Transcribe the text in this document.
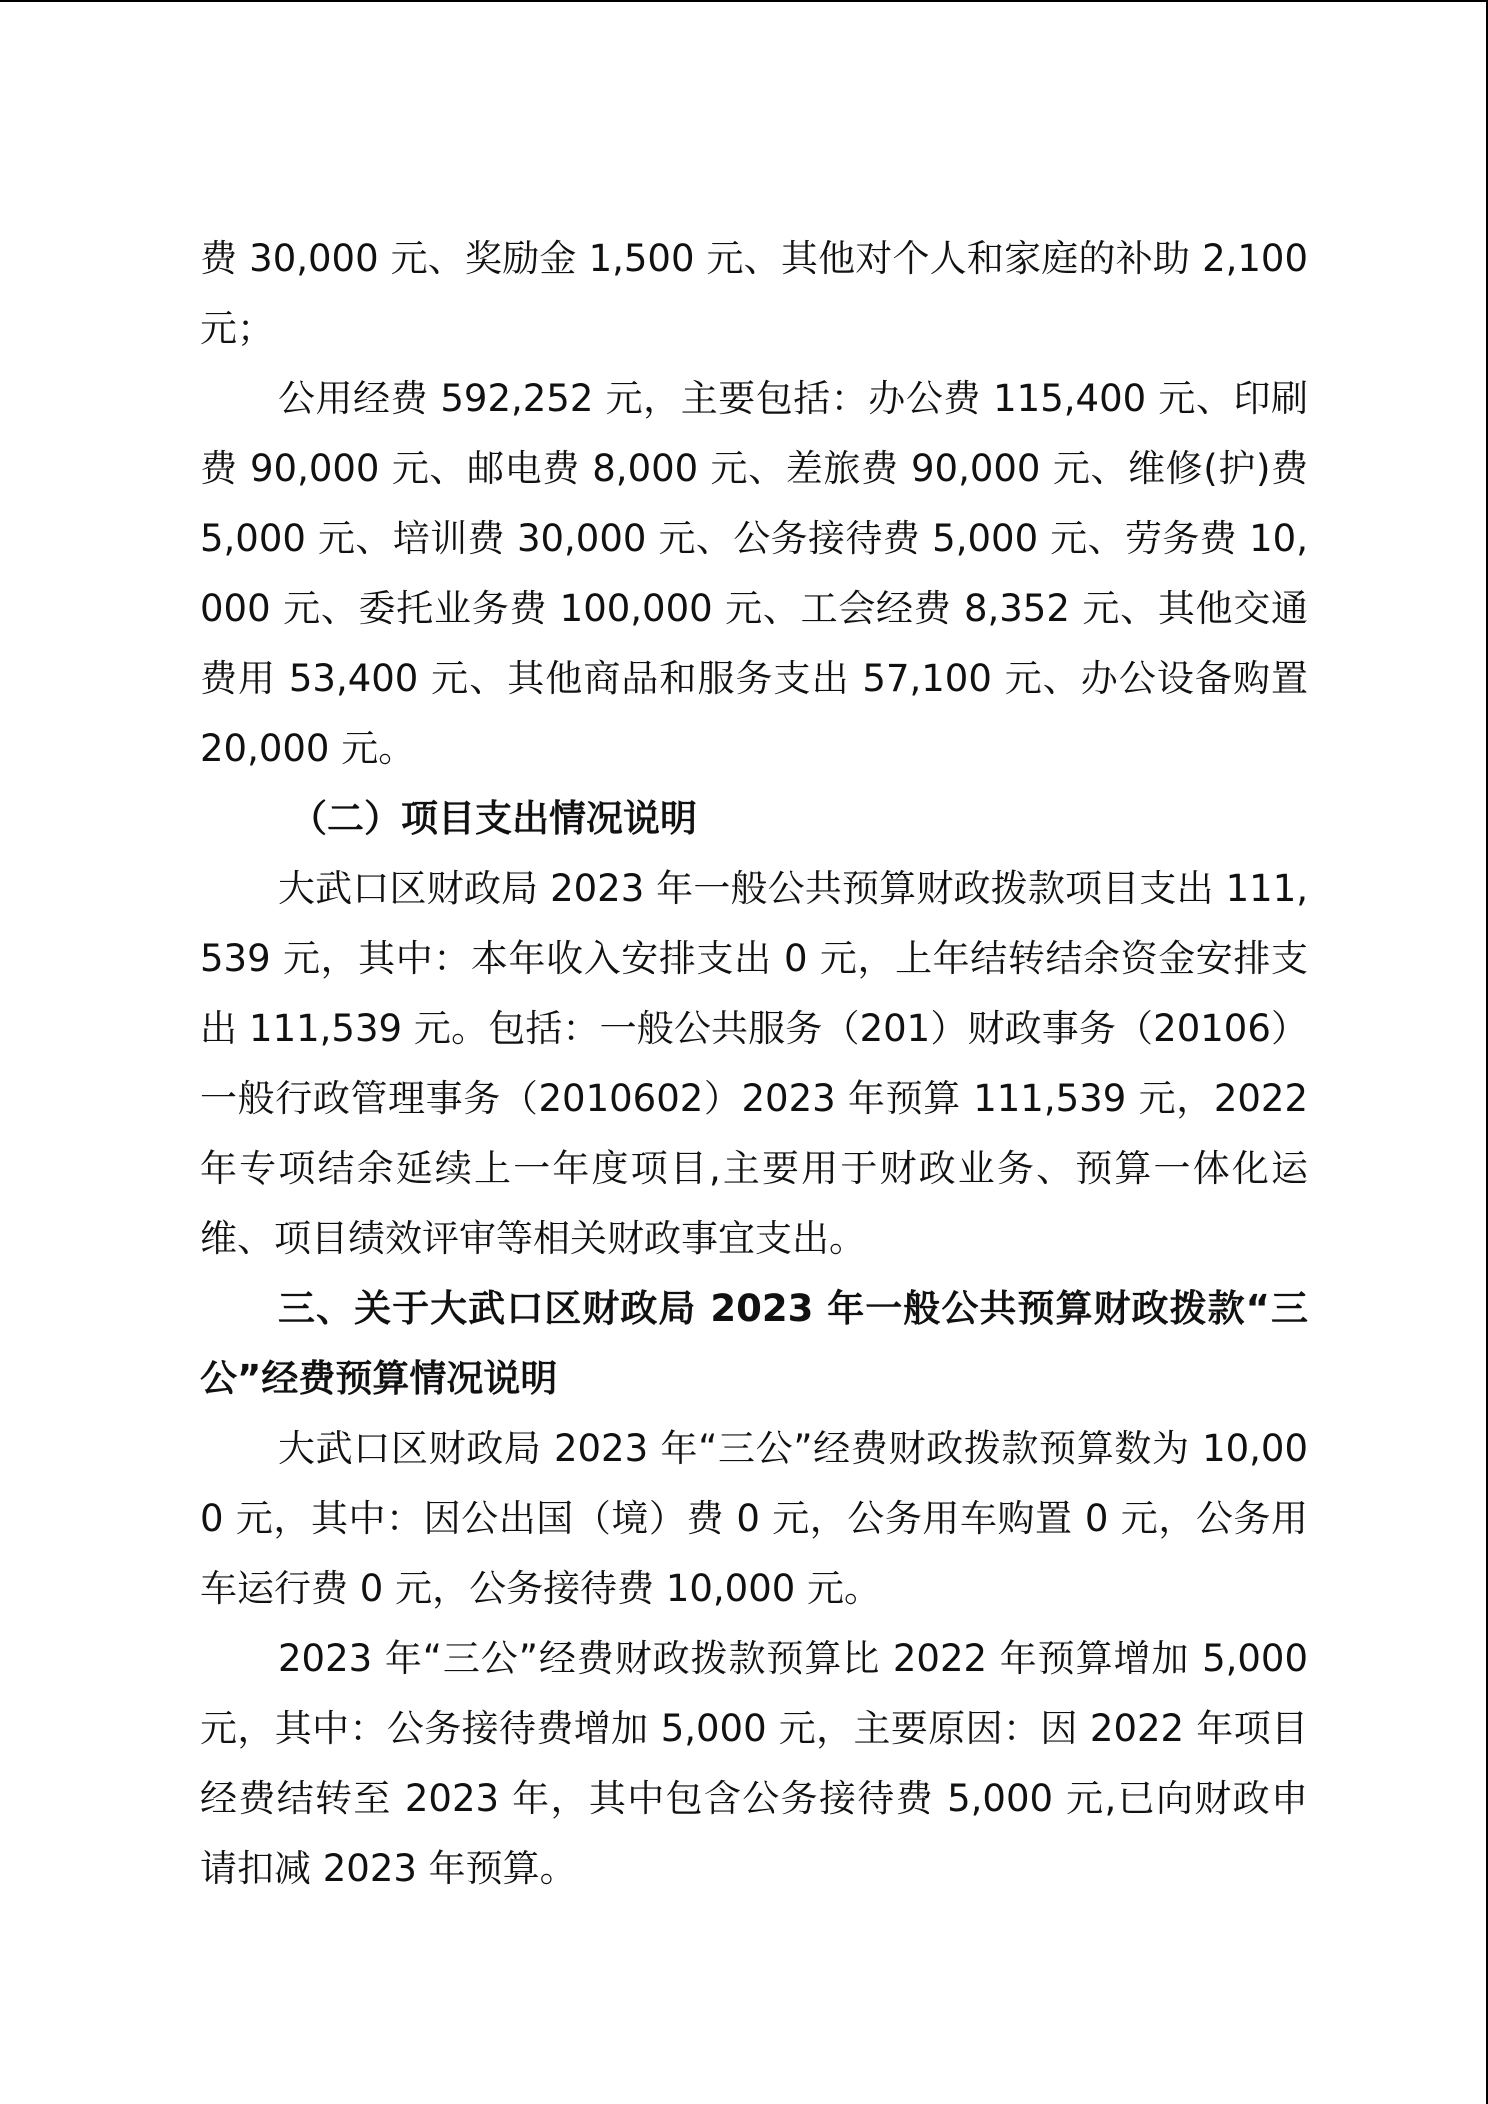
费 30,000 元、奖励金 1,500 元、其他对个人和家庭的补助 2,100 元；

公用经费 592,252 元，主要包括：办公费 115,400 元、印刷费 90,000 元、邮电费 8,000 元、差旅费 90,000 元、维修(护)费 5,000 元、培训费 30,000 元、公务接待费 5,000 元、劳务费 10,000 元、委托业务费 100,000 元、工会经费 8,352 元、其他交通费用 53,400 元、其他商品和服务支出 57,100 元、办公设备购置 20,000 元。

（二）项目支出情况说明

大武口区财政局 2023 年一般公共预算财政拨款项目支出 111,539 元，其中：本年收入安排支出 0 元，上年结转结余资金安排支出 111,539 元。包括：一般公共服务（201）财政事务（20106）一般行政管理事务（2010602）2023 年预算 111,539 元，2022 年专项结余延续上一年度项目,主要用于财政业务、预算一体化运维、项目绩效评审等相关财政事宜支出。

三、关于大武口区财政局 2023 年一般公共预算财政拨款“三公”经费预算情况说明

大武口区财政局 2023 年“三公”经费财政拨款预算数为 10,000 元，其中：因公出国（境）费 0 元，公务用车购置 0 元，公务用车运行费 0 元，公务接待费 10,000 元。

2023 年“三公”经费财政拨款预算比 2022 年预算增加 5,000 元，其中：公务接待费增加 5,000 元，主要原因：因 2022 年项目经费结转至 2023 年，其中包含公务接待费 5,000 元,已向财政申请扣减 2023 年预算。
